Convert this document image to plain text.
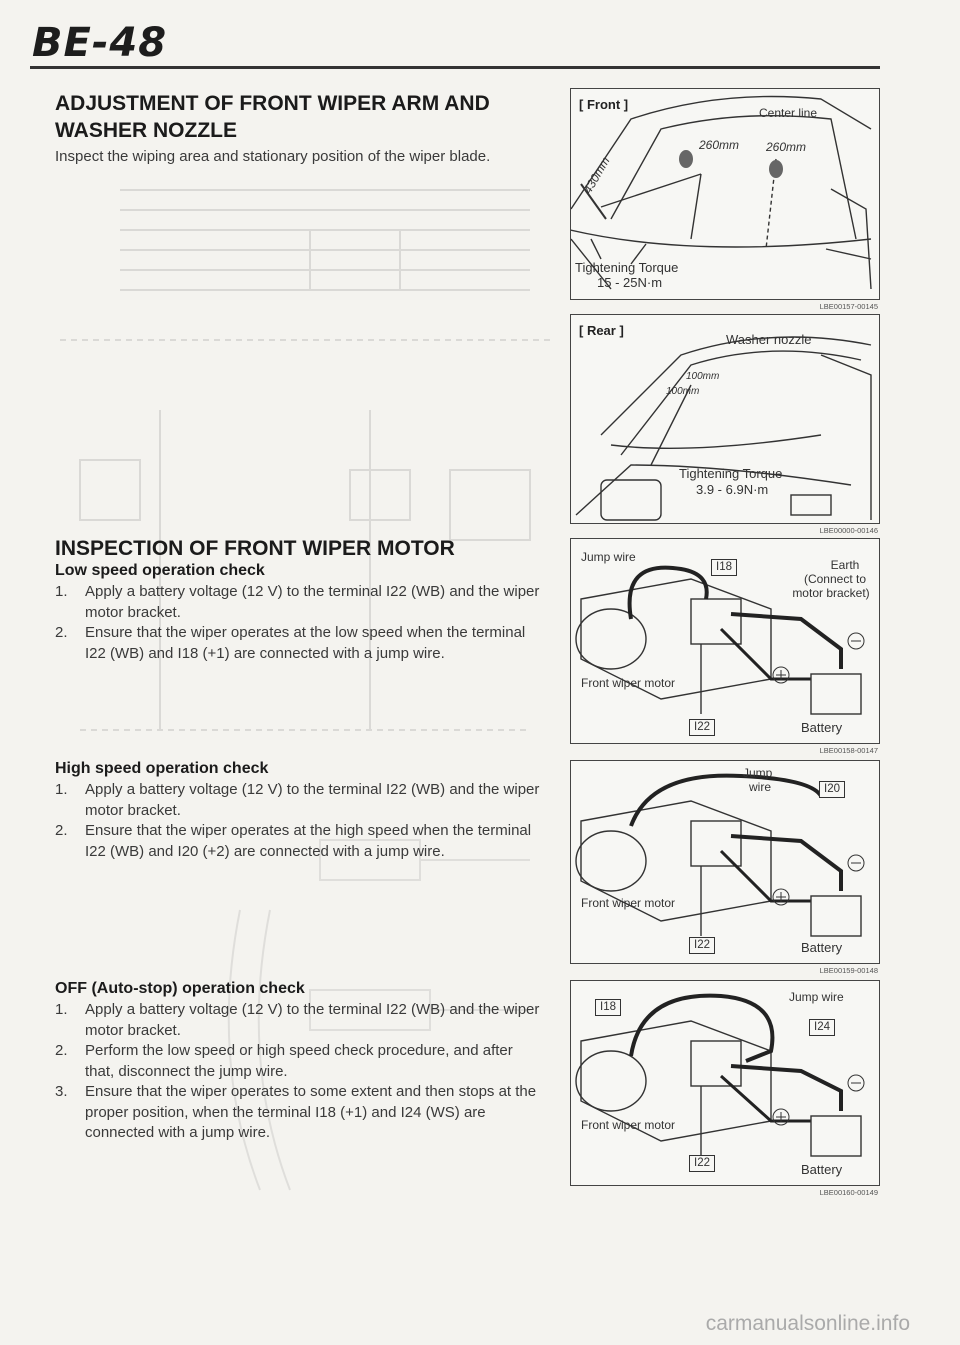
BE-48
ADJUSTMENT OF FRONT WIPER ARM AND
WASHER NOZZLE

Inspect the wiping area and stationary position of the wiper blade.

INSPECTION OF FRONT WIPER MOTOR
Low speed operation check
1. Apply a battery voltage (12 V) to the terminal I22 (WB) and the wiper motor bracket.
2. Ensure that the wiper operates at the low speed when the terminal I22 (WB) and I18 (+1) are connected with a jump wire.
High speed operation check
1. Apply a battery voltage (12 V) to the terminal I22 (WB) and the wiper motor bracket.
2. Ensure that the wiper operates at the high speed when the terminal I22 (WB) and I20 (+2) are connected with a jump wire.
OFF (Auto-stop) operation check
1. Apply a battery voltage (12 V) to the terminal I22 (WB) and the wiper motor bracket.
2. Perform the low speed or high speed check procedure, and after that, disconnect the jump wire.
3. Ensure that the wiper operates to some extent and then stops at the proper position, when the terminal I18 (+1) and I24 (WS) are connected with a jump wire.
[ Front ]
Center line
260mm 260mm
430mm
Tightening Torque
15 - 25N·m
LBE00157-00145
[ Rear ]
Washer nozzle
100mm
100mm
Tightening Torque
3.9 - 6.9N·m
LBE00000-00146
Jump wire
I18	Earth
(Connect to
motor bracket)
Front wiper motor
I22	Battery
LBE00158-00147
Jump
wire	I20
Front wiper motor
I22	Battery
LBE00159-00148
Jump wire
I18
I24
Front wiper motor
I22	Battery
LBE00160-00149
carmanualsonline.info
